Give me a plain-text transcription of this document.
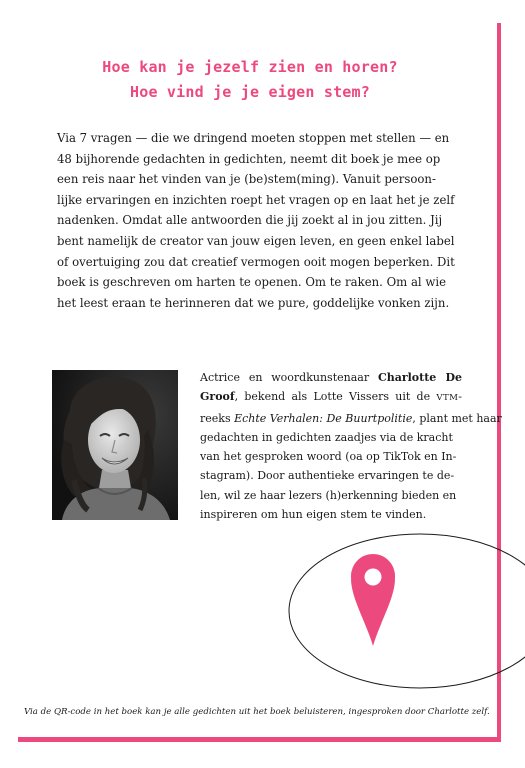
Hoe kan je jezelf zien en horen?
Hoe vind je je eigen stem?

Via 7 vragen — die we dringend moeten stoppen met stellen — en
48 bijhorende gedachten in gedichten, neemt dit boek je mee op
een reis naar het vinden van je (be)stem(ming). Vanuit persoon-
lijke ervaringen en inzichten roept het vragen op en laat het je zelf
nadenken. Omdat alle antwoorden die jij zoekt al in jou zitten. Jij
bent namelijk de creator van jouw eigen leven, en geen enkel label
of overtuiging zou dat creatief vermogen ooit mogen beperken. Dit
boek is geschreven om harten te openen. Om te raken. Om al wie
het leest eraan te herinneren dat we pure, goddelijke vonken zijn.

Actrice en woordkunstenaar Charlotte De
Groof, bekend als Lotte Vissers uit de VTM-
reeks Echte Verhalen: De Buurtpolitie, plant met haar
gedachten in gedichten zaadjes via de kracht
van het gesproken woord (oa op TikTok en In-
stagram). Door authentieke ervaringen te de-
len, wil ze haar lezers (h)erkenning bieden en
inspireren om hun eigen stem te vinden.

Via de QR-code in het boek kan je alle gedichten uit het boek beluisteren, ingesproken door Charlotte zelf.
